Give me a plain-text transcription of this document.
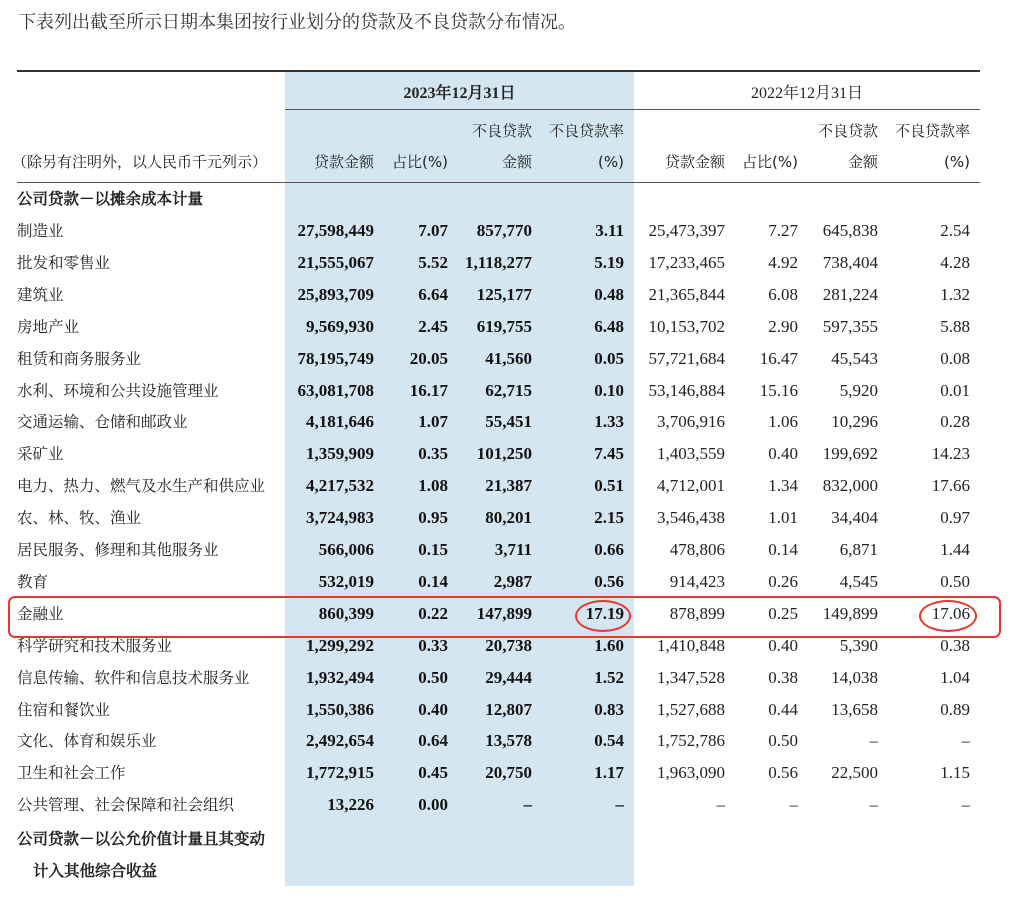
下表列出截至所示日期本集团按行业划分的贷款及不良贷款分布情况。
2023年12月31日	2022年12月31日
不良贷款	不良贷款率	不良贷款	不良贷款率
（除另有注明外，以人民币千元列示）	贷款金额	占比(%)	金额	(%)	贷款金额	占比(%)	金额	(%)
公司贷款－以摊余成本计量
制造业	27,598,449	7.07	857,770	3.11	25,473,397	7.27	645,838	2.54
批发和零售业	21,555,067	5.52 1,118,277	5.19	17,233,465	4.92	738,404	4.28
建筑业	25,893,709	6.64	125,177	0.48	21,365,844	6.08	281,224	1.32
房地产业	9,569,930	2.45	619,755	6.48	10,153,702	2.90	597,355	5.88
租赁和商务服务业	78,195,749	20.05	41,560	0.05	57,721,684	16.47	45,543	0.08
水利、环境和公共设施管理业	63,081,708	16.17	62,715	0.10	53,146,884	15.16	5,920	0.01
交通运输、仓储和邮政业	4,181,646	1.07	55,451	1.33	3,706,916	1.06	10,296	0.28
采矿业	1,359,909	0.35	101,250	7.45	1,403,559	0.40	199,692	14.23
电力、热力、燃气及水生产和供应业	4,217,532	1.08	21,387	0.51	4,712,001	1.34	832,000	17.66
农、林、牧、渔业	3,724,983	0.95	80,201	2.15	3,546,438	1.01	34,404	0.97
居民服务、修理和其他服务业	566,006	0.15	3,711	0.66	478,806	0.14	6,871	1.44
教育	532,019	0.14	2,987	0.56	914,423	0.26	4,545	0.50
金融业	860,399	0.22	147,899	17.19	878,899	0.25	149,899	17.06
科学研究和技术服务业	1,299,292	0.33	20,738	1.60	1,410,848	0.40	5,390	0.38
信息传输、软件和信息技术服务业	1,932,494	0.50	29,444	1.52	1,347,528	0.38	14,038	1.04
住宿和餐饮业	1,550,386	0.40	12,807	0.83	1,527,688	0.44	13,658	0.89
文化、体育和娱乐业	2,492,654	0.64	13,578	0.54	1,752,786	0.50	–	–
卫生和社会工作	1,772,915	0.45	20,750	1.17	1,963,090	0.56	22,500	1.15
公共管理、社会保障和社会组织	13,226	0.00	–	–	–	–	–	–
公司贷款－以公允价值计量且其变动
计入其他综合收益
